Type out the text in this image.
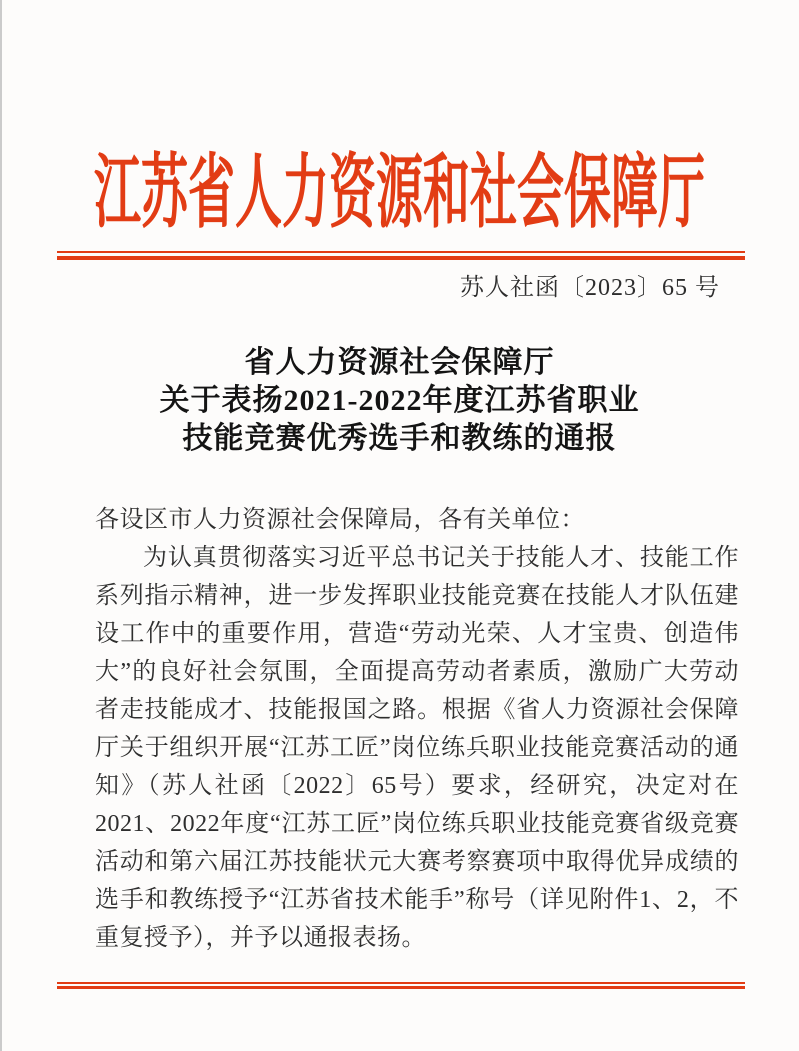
江苏省人力资源和社会保障厅
苏人社函〔2023〕65 号
省人力资源社会保障厅
关于表扬2021-2022年度江苏省职业
技能竞赛优秀选手和教练的通报
各设区市人力资源社会保障局，各有关单位：
为认真贯彻落实习近平总书记关于技能人才、技能工作系列指示精神，进一步发挥职业技能竞赛在技能人才队伍建设工作中的重要作用，营造“劳动光荣、人才宝贵、创造伟大”的良好社会氛围，全面提高劳动者素质，激励广大劳动者走技能成才、技能报国之路。根据《省人力资源社会保障厅关于组织开展“江苏工匠”岗位练兵职业技能竞赛活动的通知》（苏人社函〔2022〕65号）要求，经研究，决定对在2021、2022年度“江苏工匠”岗位练兵职业技能竞赛省级竞赛活动和第六届江苏技能状元大赛考察赛项中取得优异成绩的选手和教练授予“江苏省技术能手”称号（详见附件1、2，不重复授予），并予以通报表扬。
